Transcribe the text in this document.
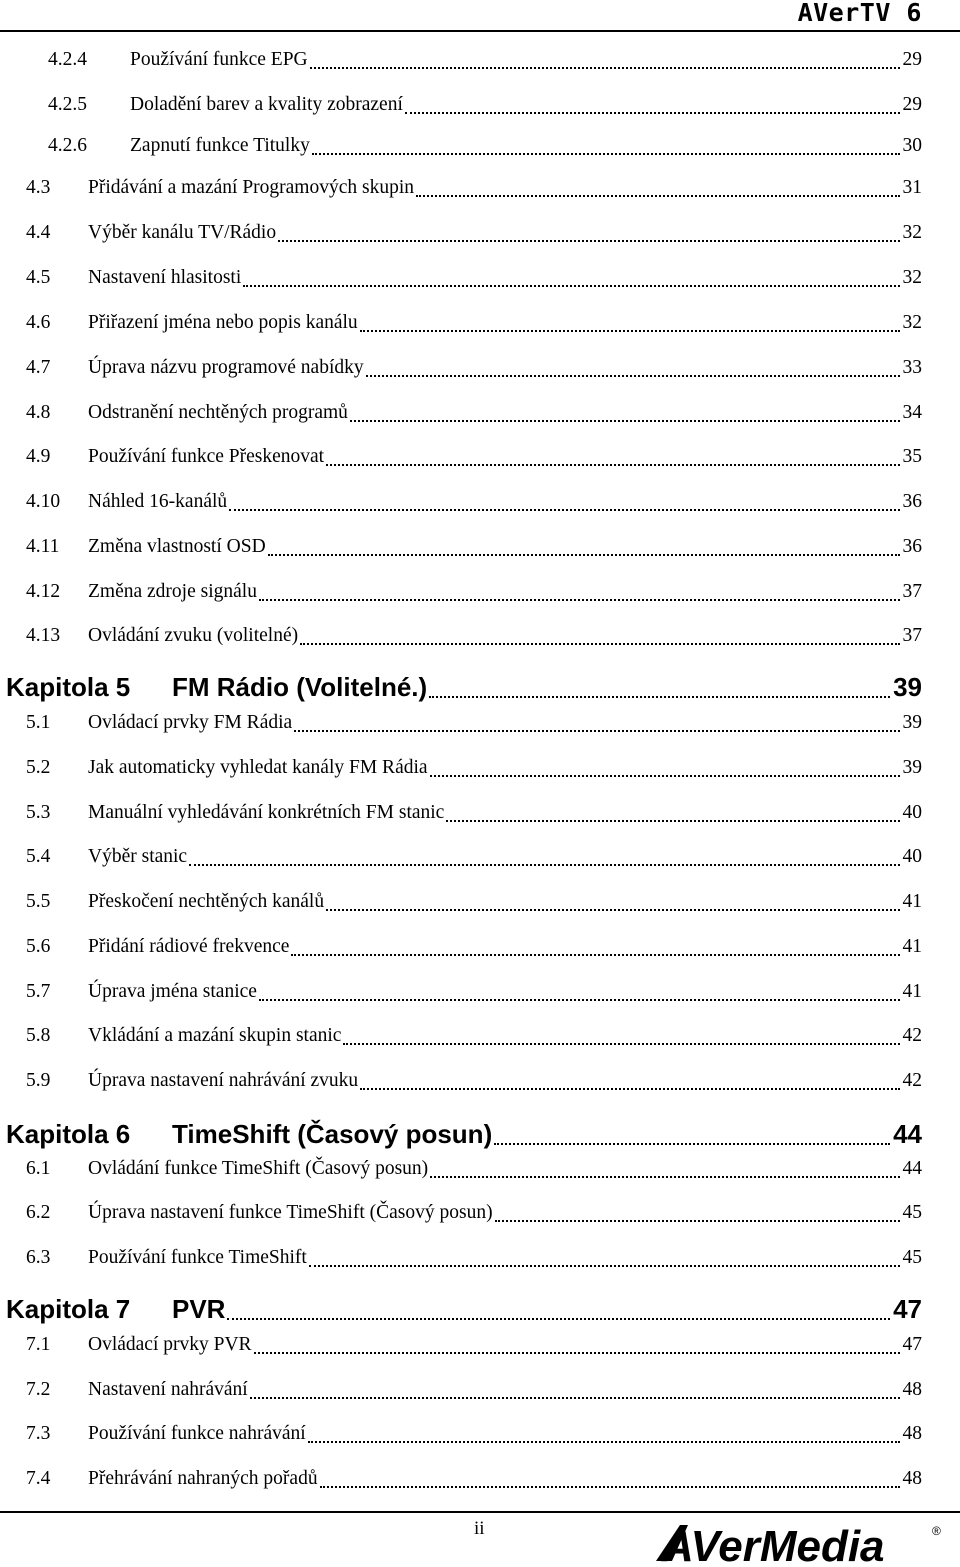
AVerTV 6
4.2.4 Používání funkce EPG	29
4.2.5 Doladění barev a kvality zobrazení	29
4.2.6 Zapnutí funkce Titulky	30
4.3 Přidávání a mazání Programových skupin	31
4.4 Výběr kanálu TV/Rádio	32
4.5 Nastavení hlasitosti	32
4.6 Přiřazení jména nebo popis kanálu	32
4.7 Úprava názvu programové nabídky	33
4.8 Odstranění nechtěných programů	34
4.9 Používání funkce Přeskenovat	35
4.10 Náhled 16-kanálů	36
4.11 Změna vlastností OSD	36
4.12 Změna zdroje signálu	37
4.13 Ovládání zvuku (volitelné)	37
Kapitola 5 FM Rádio (Volitelné.)	39
5.1 Ovládací prvky FM Rádia	39
5.2 Jak automaticky vyhledat kanály FM Rádia	39
5.3 Manuální vyhledávání konkrétních FM stanic	40
5.4 Výběr stanic	40
5.5 Přeskočení nechtěných kanálů	41
5.6 Přidání rádiové frekvence	41
5.7 Úprava jména stanice	41
5.8 Vkládání a mazání skupin stanic	42
5.9 Úprava nastavení nahrávání zvuku	42
Kapitola 6 TimeShift (Časový posun)	44
6.1 Ovládání funkce TimeShift (Časový posun)	44
6.2 Úprava nastavení funkce TimeShift (Časový posun)	45
6.3 Používání funkce TimeShift	45
Kapitola 7 PVR	47
7.1 Ovládací prvky PVR	47
7.2 Nastavení nahrávání	48
7.3 Používání funkce nahrávání	48
7.4 Přehrávání nahraných pořadů	48
ii	AVerMedia	®
